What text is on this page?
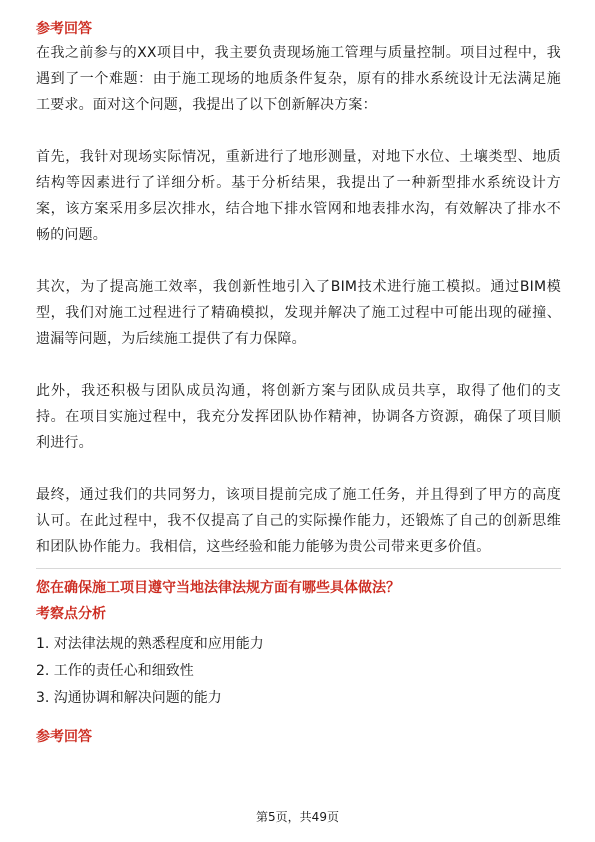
参考回答

在我之前参与的XX项目中，我主要负责现场施工管理与质量控制。项目过程中，我遇到了一个难题：由于施工现场的地质条件复杂，原有的排水系统设计无法满足施工要求。面对这个问题，我提出了以下创新解决方案：

首先，我针对现场实际情况，重新进行了地形测量，对地下水位、土壤类型、地质结构等因素进行了详细分析。基于分析结果，我提出了一种新型排水系统设计方案，该方案采用多层次排水，结合地下排水管网和地表排水沟，有效解决了排水不畅的问题。

其次，为了提高施工效率，我创新性地引入了BIM技术进行施工模拟。通过BIM模型，我们对施工过程进行了精确模拟，发现并解决了施工过程中可能出现的碰撞、遗漏等问题，为后续施工提供了有力保障。

此外，我还积极与团队成员沟通，将创新方案与团队成员共享，取得了他们的支持。在项目实施过程中，我充分发挥团队协作精神，协调各方资源，确保了项目顺利进行。

最终，通过我们的共同努力，该项目提前完成了施工任务，并且得到了甲方的高度认可。在此过程中，我不仅提高了自己的实际操作能力，还锻炼了自己的创新思维和团队协作能力。我相信，这些经验和能力能够为贵公司带来更多价值。

您在确保施工项目遵守当地法律法规方面有哪些具体做法？

考察点分析

1. 对法律法规的熟悉程度和应用能力
2. 工作的责任心和细致性
3. 沟通协调和解决问题的能力

参考回答

第5页，共49页
